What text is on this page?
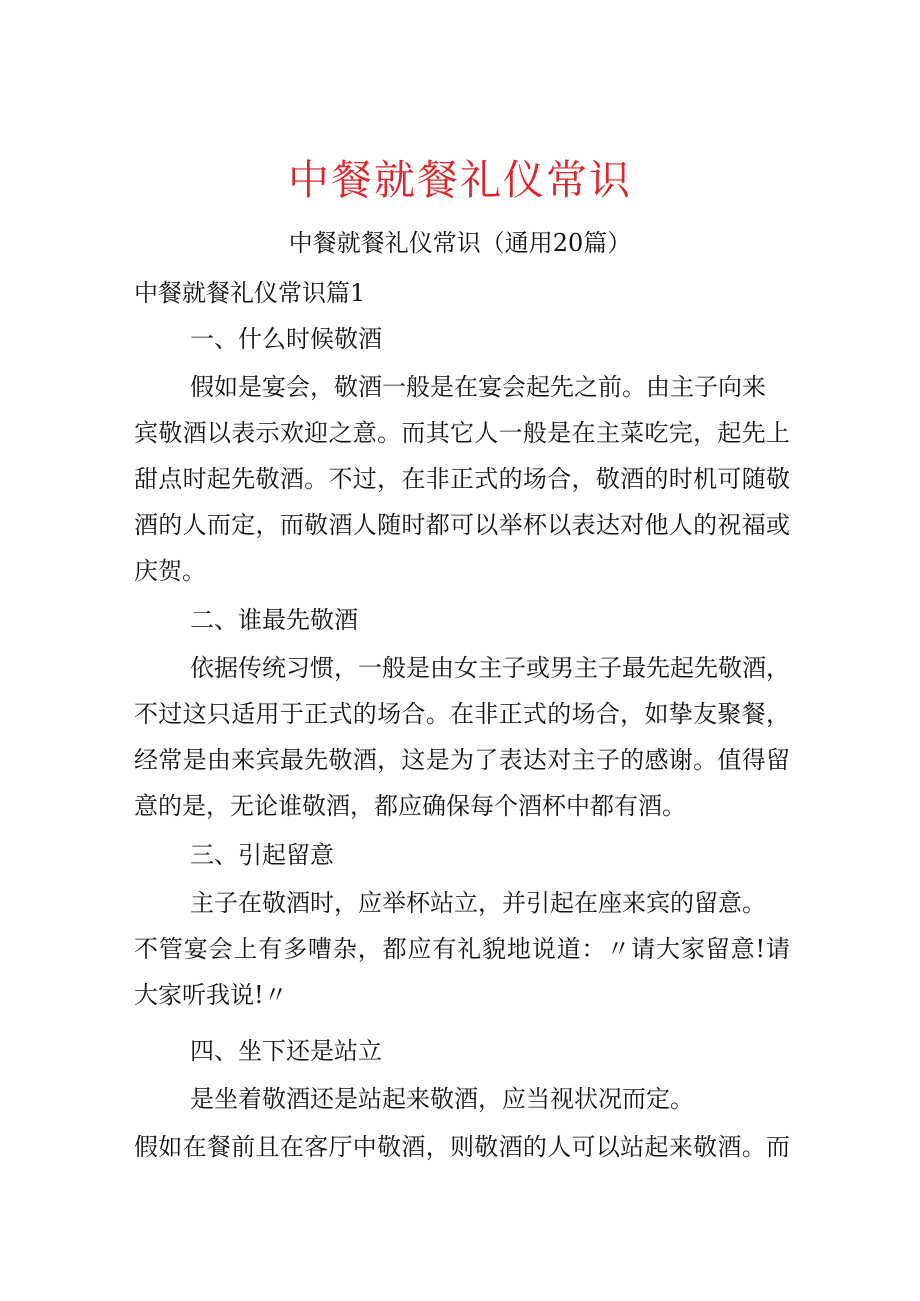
中餐就餐礼仪常识
中餐就餐礼仪常识（通用20篇）
中餐就餐礼仪常识篇1
一、什么时候敬酒
假如是宴会，敬酒一般是在宴会起先之前。由主子向来
宾敬酒以表示欢迎之意。而其它人一般是在主菜吃完，起先上
甜点时起先敬酒。不过，在非正式的场合，敬酒的时机可随敬
酒的人而定，而敬酒人随时都可以举杯以表达对他人的祝福或
庆贺。
二、谁最先敬酒
依据传统习惯，一般是由女主子或男主子最先起先敬酒，
不过这只适用于正式的场合。在非正式的场合，如挚友聚餐，
经常是由来宾最先敬酒，这是为了表达对主子的感谢。值得留
意的是，无论谁敬酒，都应确保每个酒杯中都有酒。
三、引起留意
主子在敬酒时，应举杯站立，并引起在座来宾的留意。
不管宴会上有多嘈杂，都应有礼貌地说道：〃请大家留意!请
大家听我说!〃
四、坐下还是站立
是坐着敬酒还是站起来敬酒，应当视状况而定。
假如在餐前且在客厅中敬酒，则敬酒的人可以站起来敬酒。而
